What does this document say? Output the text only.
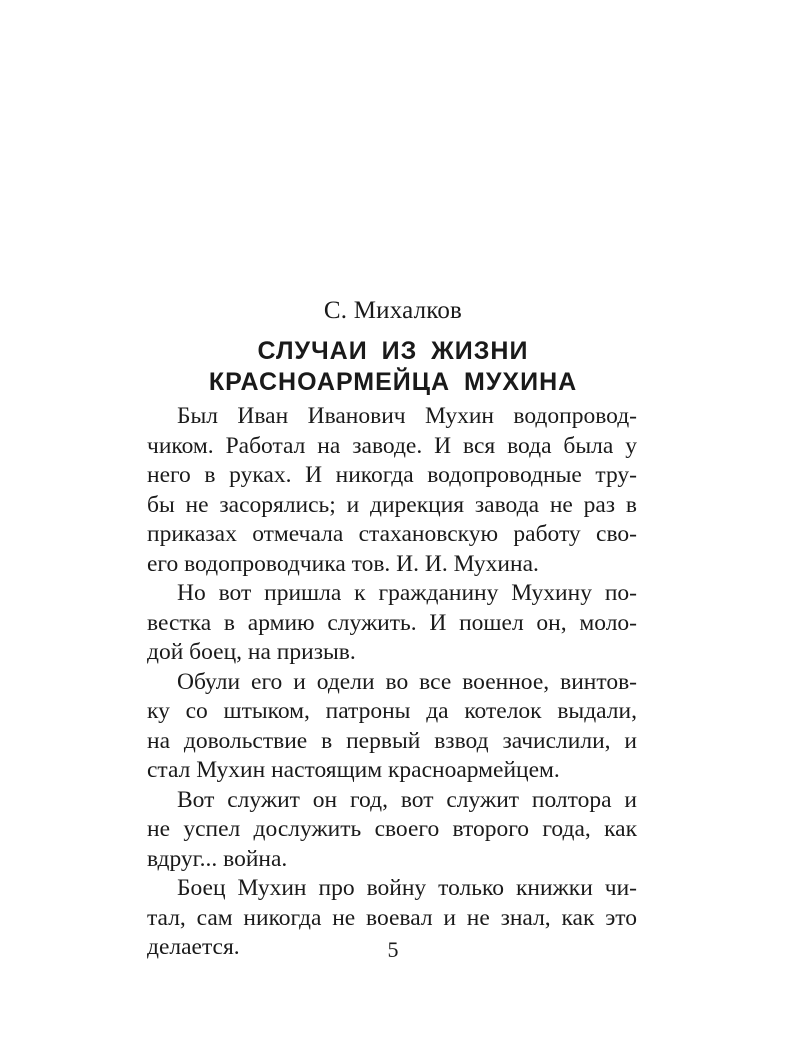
С. Михалков
СЛУЧАИ ИЗ ЖИЗНИ
КРАСНОАРМЕЙЦА МУХИНА
Был Иван Иванович Мухин водопровод-
чиком. Работал на заводе. И вся вода была у
него в руках. И никогда водопроводные тру-
бы не засорялись; и дирекция завода не раз в
приказах отмечала стахановскую работу сво-
его водопроводчика тов. И. И. Мухина.
Но вот пришла к гражданину Мухину по-
вестка в армию служить. И пошел он, моло-
дой боец, на призыв.
Обули его и одели во все военное, винтов-
ку со штыком, патроны да котелок выдали,
на довольствие в первый взвод зачислили, и
стал Мухин настоящим красноармейцем.
Вот служит он год, вот служит полтора и
не успел дослужить своего второго года, как
вдруг... война.
Боец Мухин про войну только книжки чи-
тал, сам никогда не воевал и не знал, как это
делается.	5
